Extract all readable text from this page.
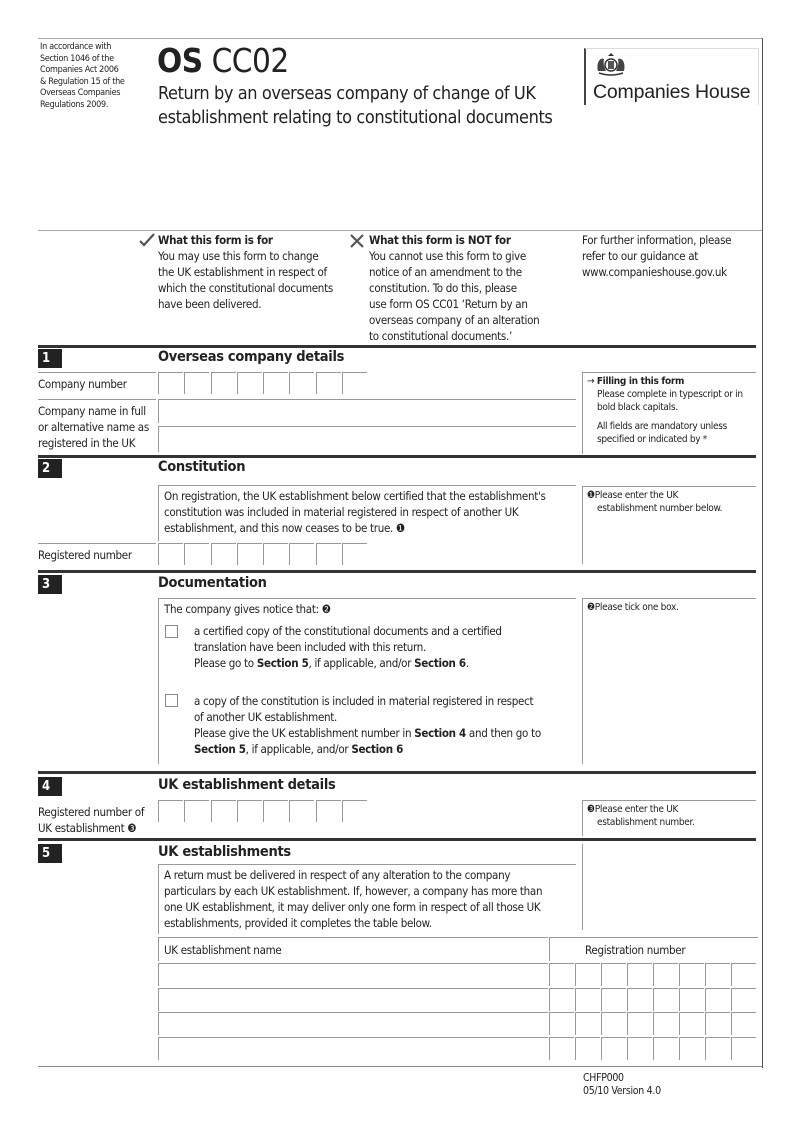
In accordance with
Section 1046 of the
Companies Act 2006
& Regulation 15 of the
Overseas Companies
Regulations 2009.
OS CC02
Return by an overseas company of change of UK
establishment relating to constitutional documents
Companies House
What this form is for
You may use this form to change
the UK establishment in respect of
which the constitutional documents
have been delivered.
What this form is NOT for
You cannot use this form to give
notice of an amendment to the
constitution. To do this, please
use form OS CC01 ‘Return by an
overseas company of an alteration
to constitutional documents.’
For further information, please
refer to our guidance at
www.companieshouse.gov.uk
1	Overseas company details
Company number
Company name in full
or alternative name as
registered in the UK
→ Filling in this form
Please complete in typescript or in
bold black capitals.
All fields are mandatory unless
specified or indicated by *
2	Constitution
On registration, the UK establishment below certified that the establishment's
constitution was included in material registered in respect of another UK
establishment, and this now ceases to be true. ❶
Registered number
❶Please enter the UK
establishment number below.
3	Documentation
The company gives notice that: ❷
a certified copy of the constitutional documents and a certified
translation have been included with this return.
Please go to Section 5, if applicable, and/or Section 6.
a copy of the constitution is included in material registered in respect
of another UK establishment.
Please give the UK establishment number in Section 4 and then go to
Section 5, if applicable, and/or Section 6
❷Please tick one box.
4	UK establishment details
Registered number of
UK establishment ❸
❸Please enter the UK
establishment number.
5	UK establishments
A return must be delivered in respect of any alteration to the company
particulars by each UK establishment. If, however, a company has more than
one UK establishment, it may deliver only one form in respect of all those UK
establishments, provided it completes the table below.
UK establishment name	Registration number
CHFP000
05/10 Version 4.0
